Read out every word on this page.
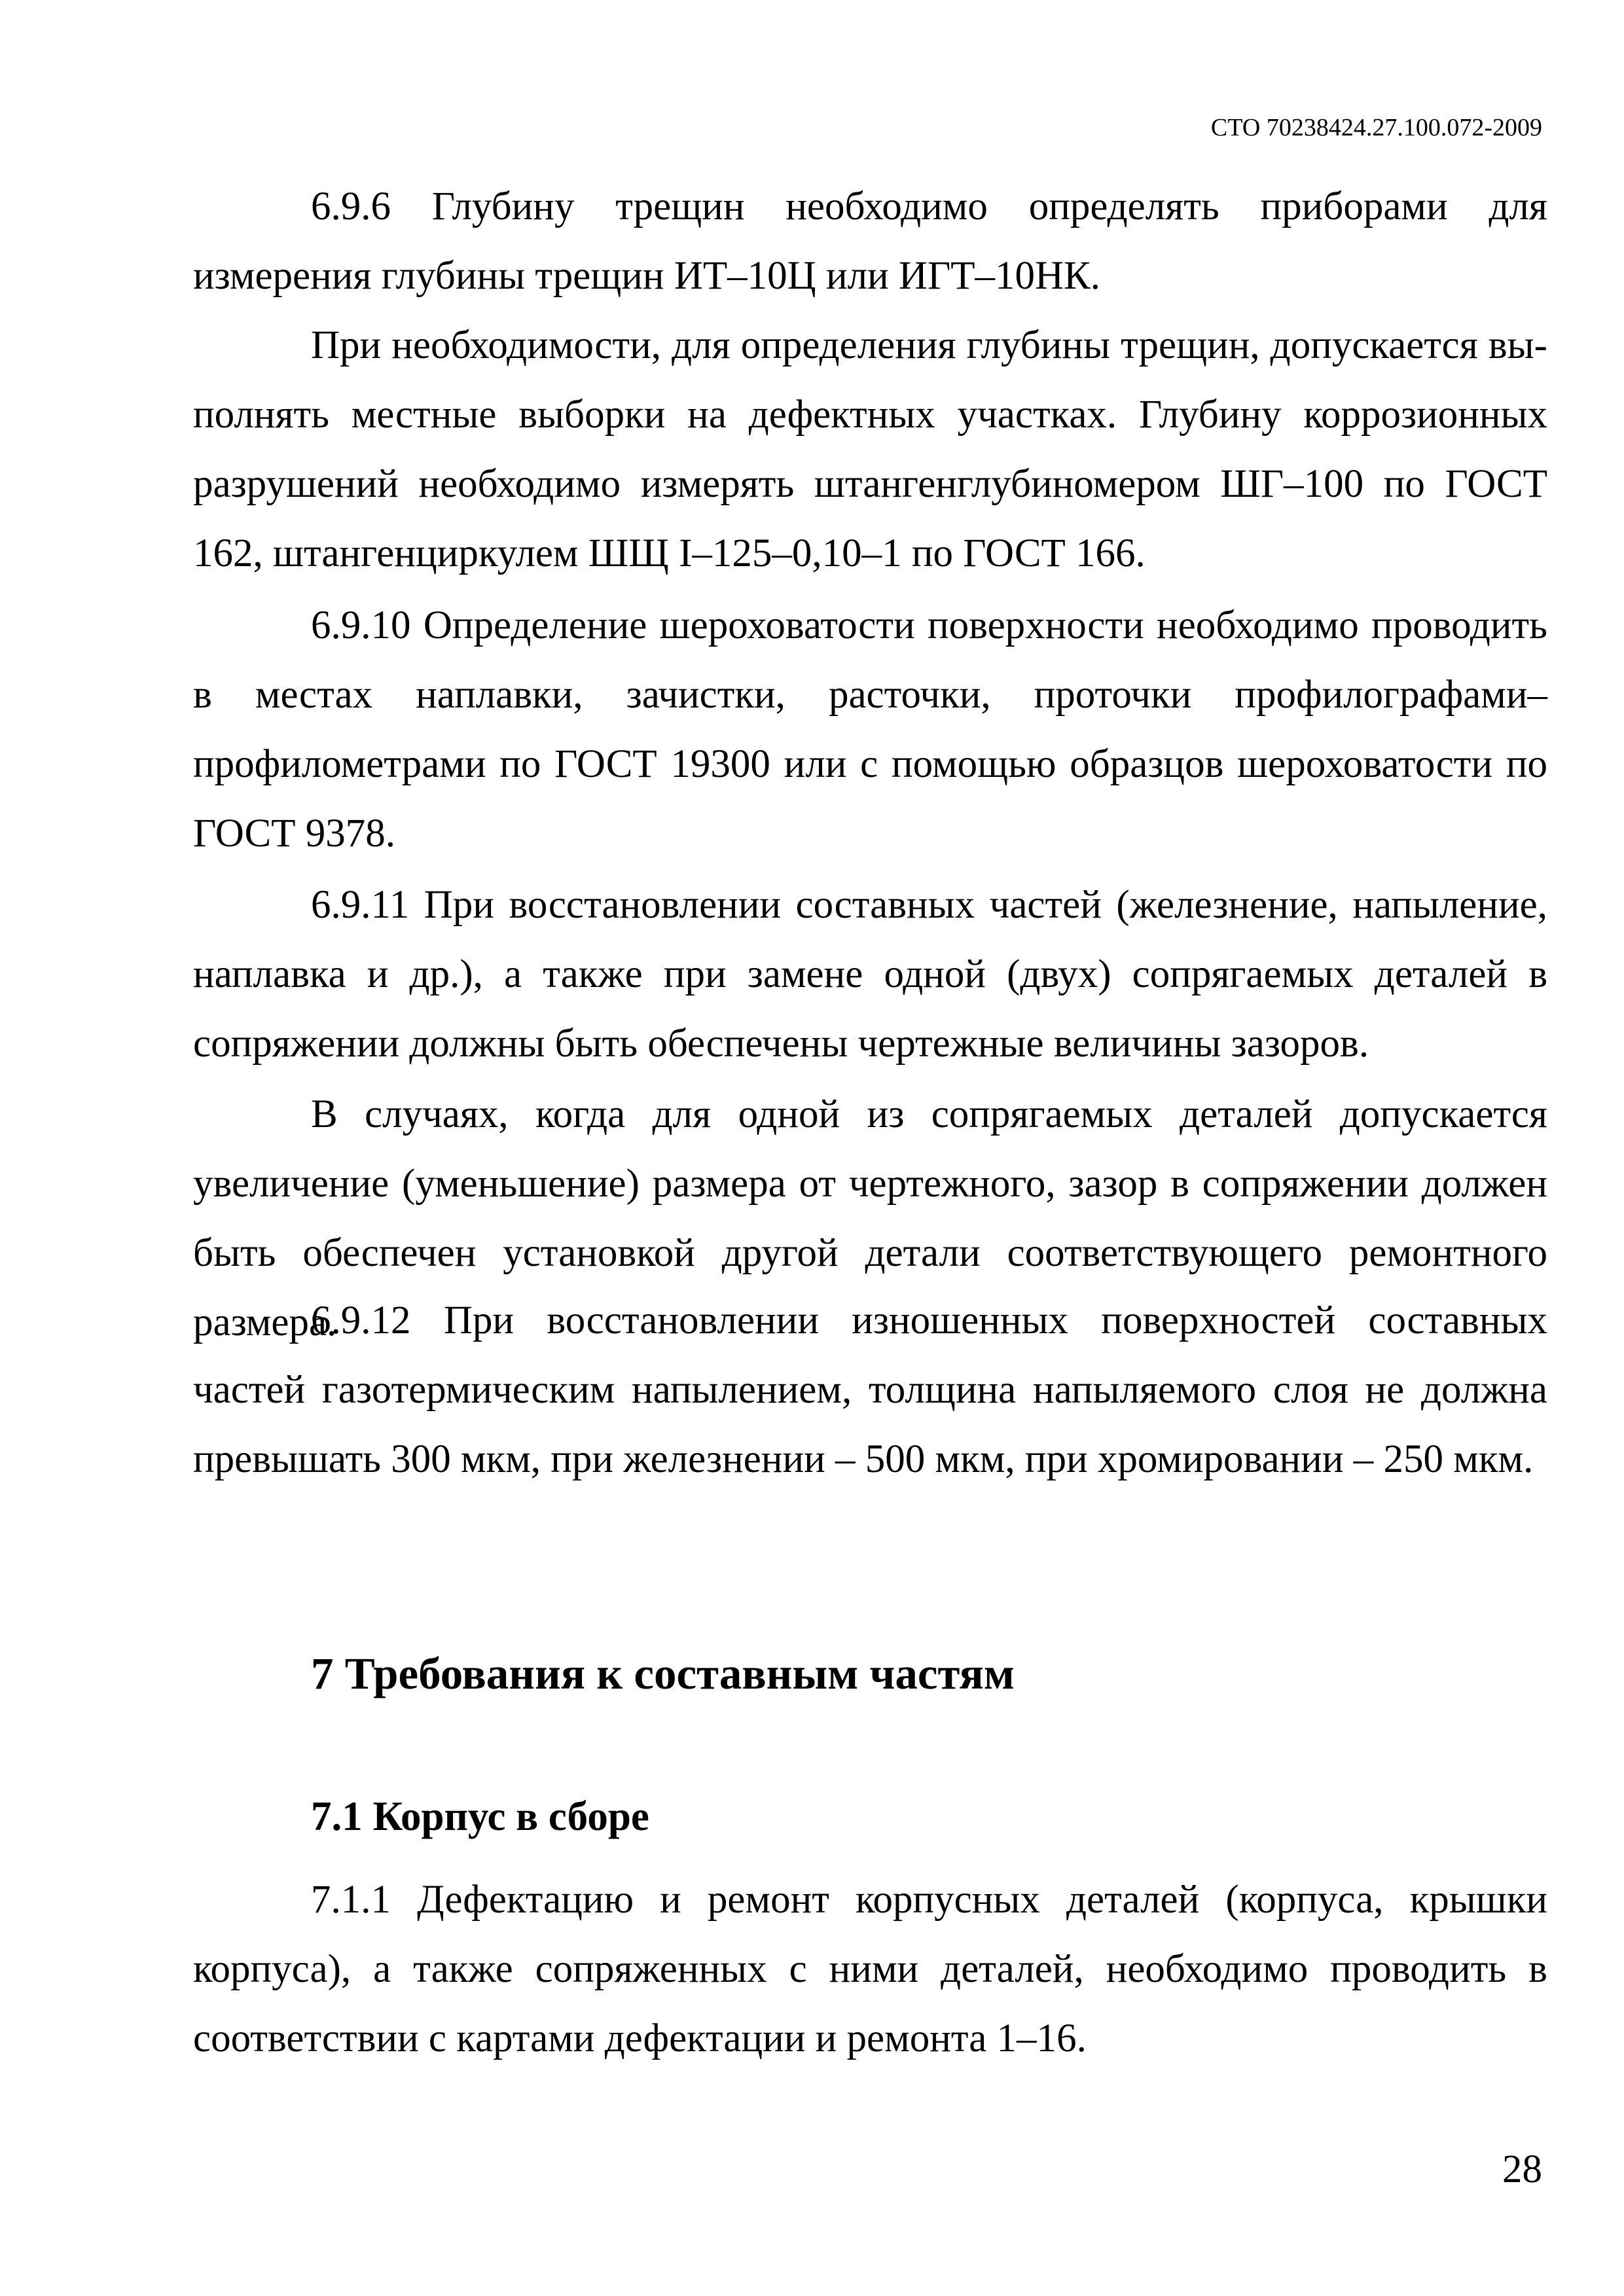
СТО 70238424.27.100.072-2009

6.9.6 Глубину трещин необходимо определять приборами для измерения глубины трещин ИТ–10Ц или ИГТ–10НК.

При необходимости, для определения глубины трещин, допускается выполнять местные выборки на дефектных участках. Глубину коррозионных разрушений необходимо измерять штангенглубиномером ШГ–100 по ГОСТ 162, штангенциркулем ШЩ I–125–0,10–1 по ГОСТ 166.

6.9.10 Определение шероховатости поверхности необходимо проводить в местах наплавки, зачистки, расточки, проточки профилографами–профилометрами по ГОСТ 19300 или с помощью образцов шероховатости по ГОСТ 9378.

6.9.11 При восстановлении составных частей (железнение, напыление, наплавка и др.), а также при замене одной (двух) сопрягаемых деталей в сопряжении должны быть обеспечены чертежные величины зазоров.

В случаях, когда для одной из сопрягаемых деталей допускается увеличение (уменьшение) размера от чертежного, зазор в сопряжении должен быть обеспечен установкой другой детали соответствующего ремонтного размера.

6.9.12 При восстановлении изношенных поверхностей составных частей газотермическим напылением, толщина напыляемого слоя не должна превышать 300 мкм, при железнении – 500 мкм, при хромировании – 250 мкм.

7 Требования к составным частям
7.1 Корпус в сборе

7.1.1 Дефектацию и ремонт корпусных деталей (корпуса, крышки корпуса), а также сопряженных с ними деталей, необходимо проводить в соответствии с картами дефектации и ремонта 1–16.

28
